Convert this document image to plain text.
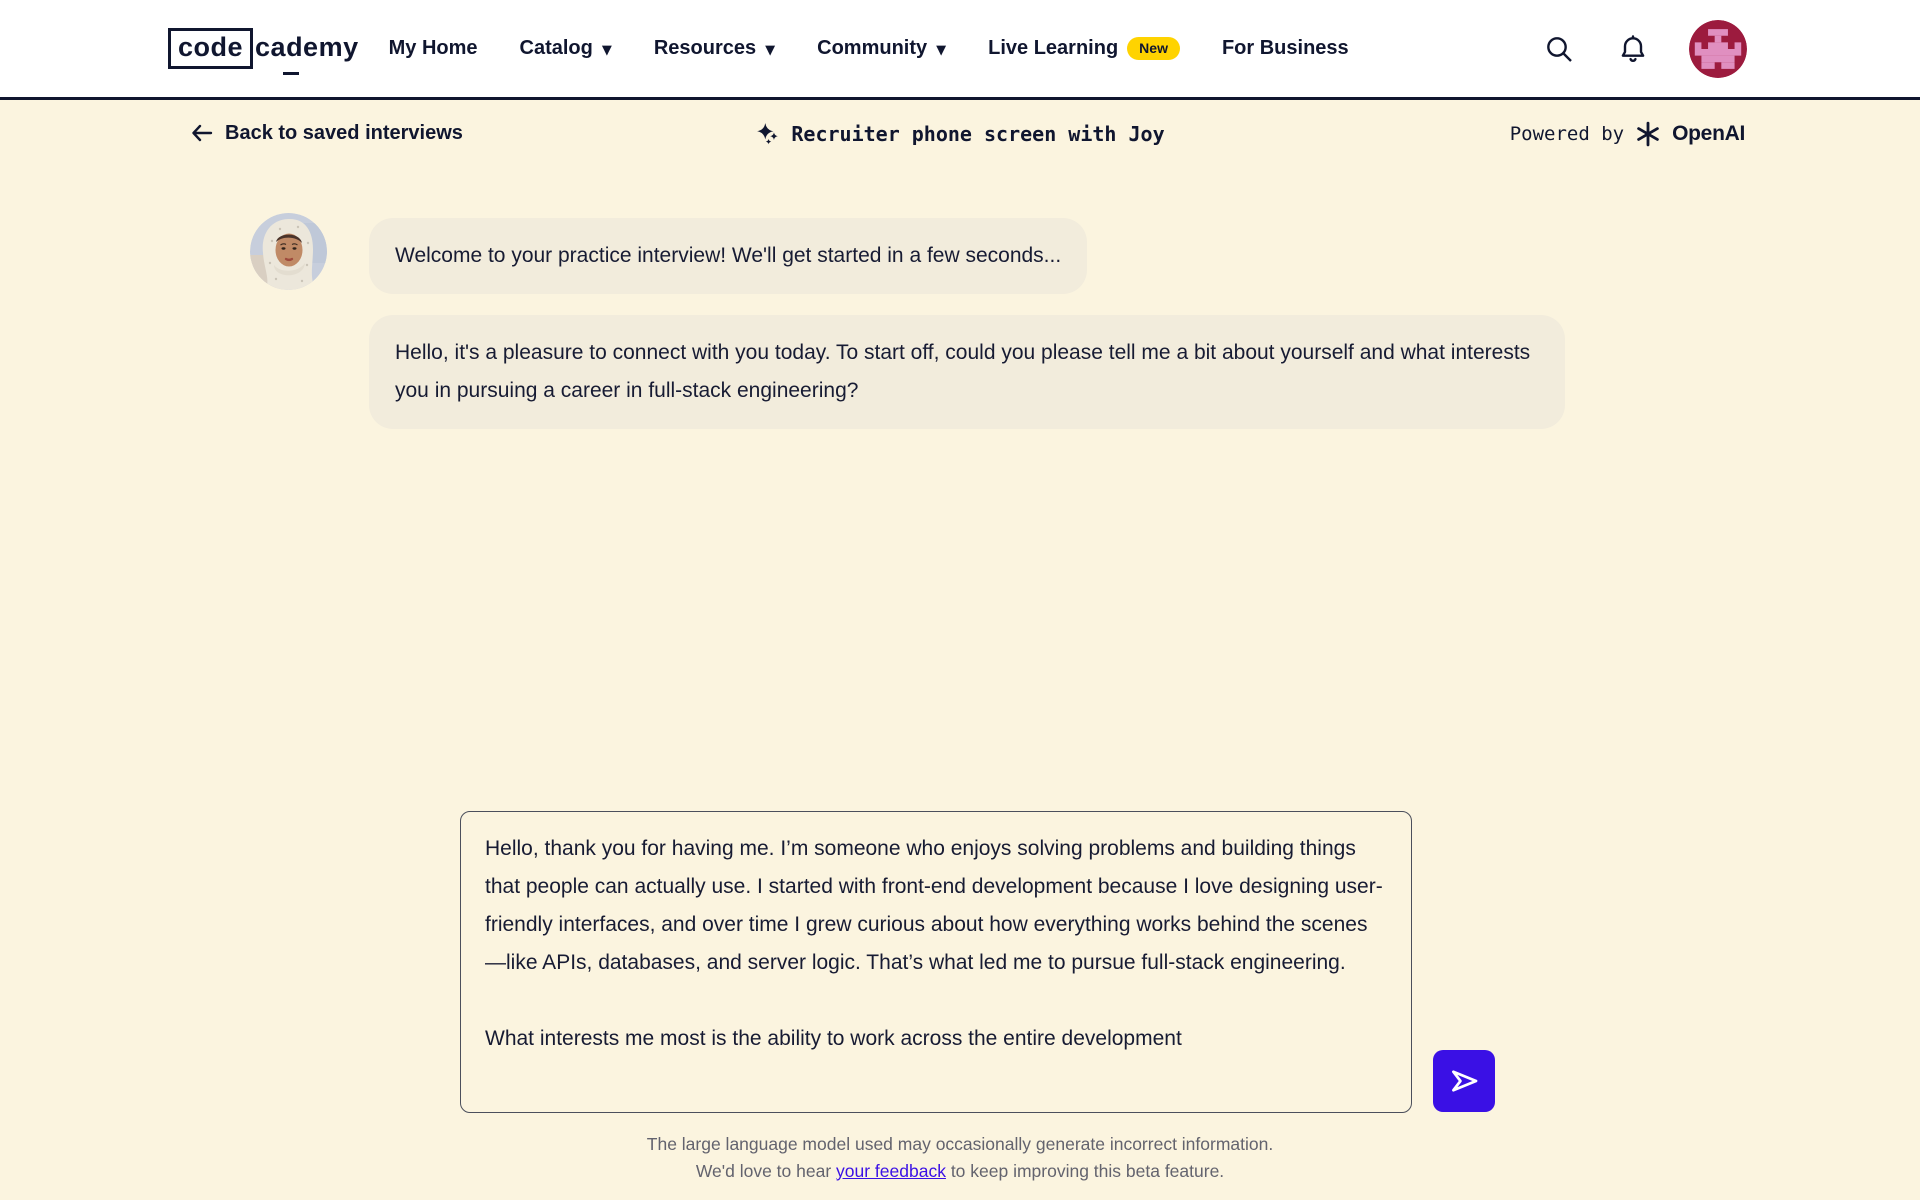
code cademy My Home Catalog ▼ Resources ▼ Community ▼ Live Learning	New	For Business
Back to saved interviews	Recruiter phone screen with Joy	Powered by OpenAI
Welcome to your practice interview! We'll get started in a few seconds...
Hello, it's a pleasure to connect with you today. To start off, could you please tell me a bit about yourself and what interests you in pursuing a career in full-stack engineering?
Hello, thank you for having me. I’m someone who enjoys solving problems and building things that people can actually use. I started with front-end development because I love designing user-friendly interfaces, and over time I grew curious about how everything works behind the scenes—like APIs, databases, and server logic. That’s what led me to pursue full-stack engineering. What interests me most is the ability to work across the entire development
The large language model used may occasionally generate incorrect information.
We'd love to hear your feedback to keep improving this beta feature.
